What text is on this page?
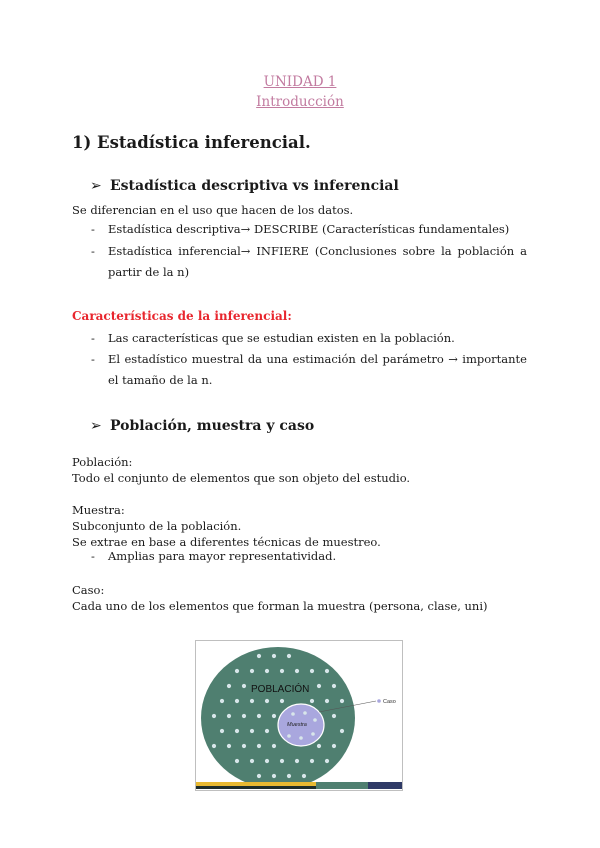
UNIDAD 1
Introducción
1) Estadística inferencial.
➢ Estadística descriptiva vs inferencial
Se diferencian en el uso que hacen de los datos.
- Estadística descriptiva→ DESCRIBE (Características fundamentales)
- Estadística inferencial→ INFIERE (Conclusiones sobre la población a partir de la n)
Características de la inferencial:
- Las características que se estudian existen en la población.
- El estadístico muestral da una estimación del parámetro → importante el tamaño de la n.
➢ Población, muestra y caso
Población:
Todo el conjunto de elementos que son objeto del estudio.
Muestra:
Subconjunto de la población.
Se extrae en base a diferentes técnicas de muestreo.
- Amplias para mayor representatividad.
Caso:
Cada uno de los elementos que forman la muestra (persona, clase, uni)
POBLACIÓN
Muestra
Caso
